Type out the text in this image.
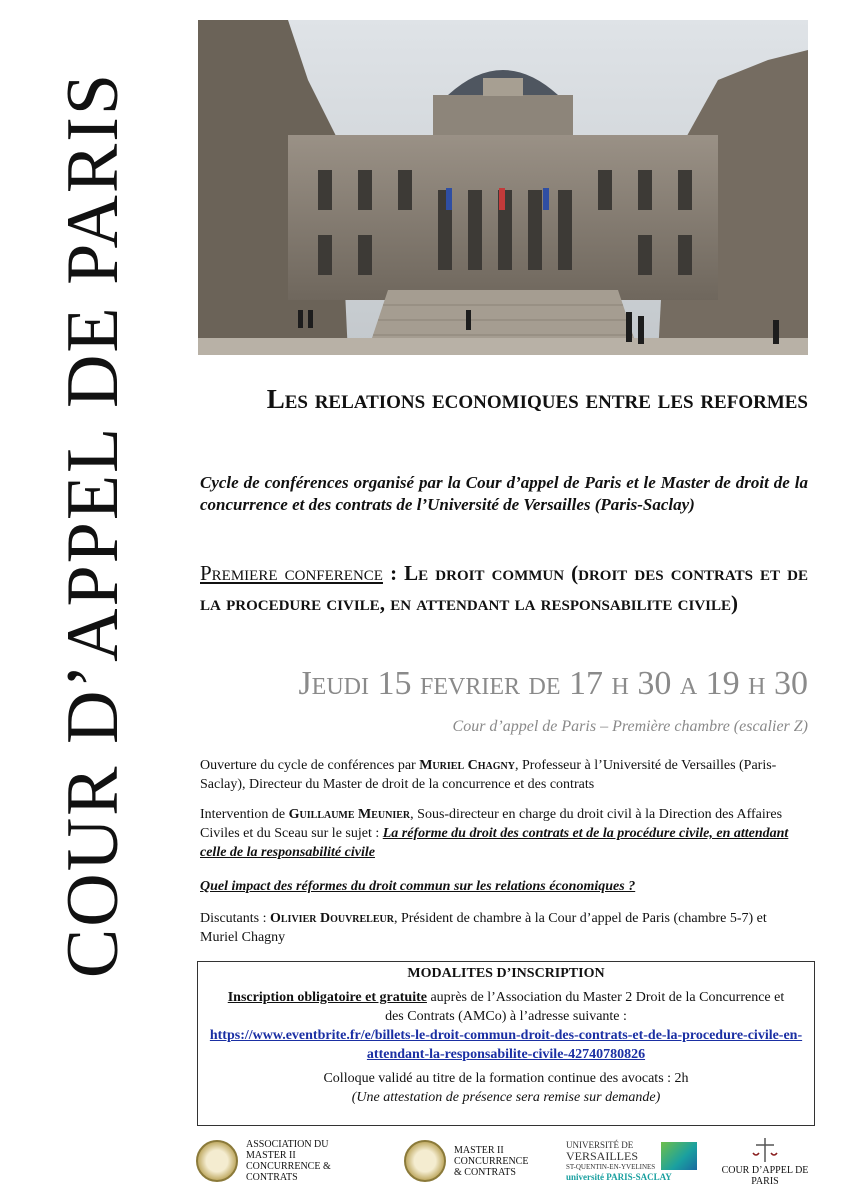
COUR D’APPEL DE PARIS	Les relations economiques entre les reformes
Cycle de conférences organisé par la Cour d’appel de Paris et le Master de droit de la concurrence et des contrats de l’Université de Versailles (Paris-Saclay)
Premiere conference : Le droit commun (droit des contrats et de la procedure civile, en attendant la responsabilite civile)
Jeudi 15 fevrier de 17 h 30 a 19 h 30
Cour d’appel de Paris – Première chambre (escalier Z)
Ouverture du cycle de conférences par Muriel Chagny, Professeur à l’Université de Versailles (Paris-Saclay), Directeur du Master de droit de la concurrence et des contrats
Intervention de Guillaume Meunier, Sous-directeur en charge du droit civil à la Direction des Affaires Civiles et du Sceau sur le sujet : La réforme du droit des contrats et de la procédure civile, en attendant celle de la responsabilité civile
Quel impact des réformes du droit commun sur les relations économiques ?
Discutants : Olivier Douvreleur, Président de chambre à la Cour d’appel de Paris (chambre 5-7) et Muriel Chagny
MODALITES D’INSCRIPTION
Inscription obligatoire et gratuite auprès de l’Association du Master 2 Droit de la Concurrence et des Contrats (AMCo) à l’adresse suivante :
https://www.eventbrite.fr/e/billets-le-droit-commun-droit-des-contrats-et-de-la-procedure-civile-en-attendant-la-responsabilite-civile-42740780826
Colloque validé au titre de la formation continue des avocats : 2h
(Une attestation de présence sera remise sur demande)
ASSOCIATION DU MASTER II CONCURRENCE & CONTRATS
MASTER II CONCURRENCE & CONTRATS
UNIVERSITÉ DE
VERSAILLES
ST-QUENTIN-EN-YVELINES
université PARIS-SACLAY
COUR D’APPEL DE PARIS
